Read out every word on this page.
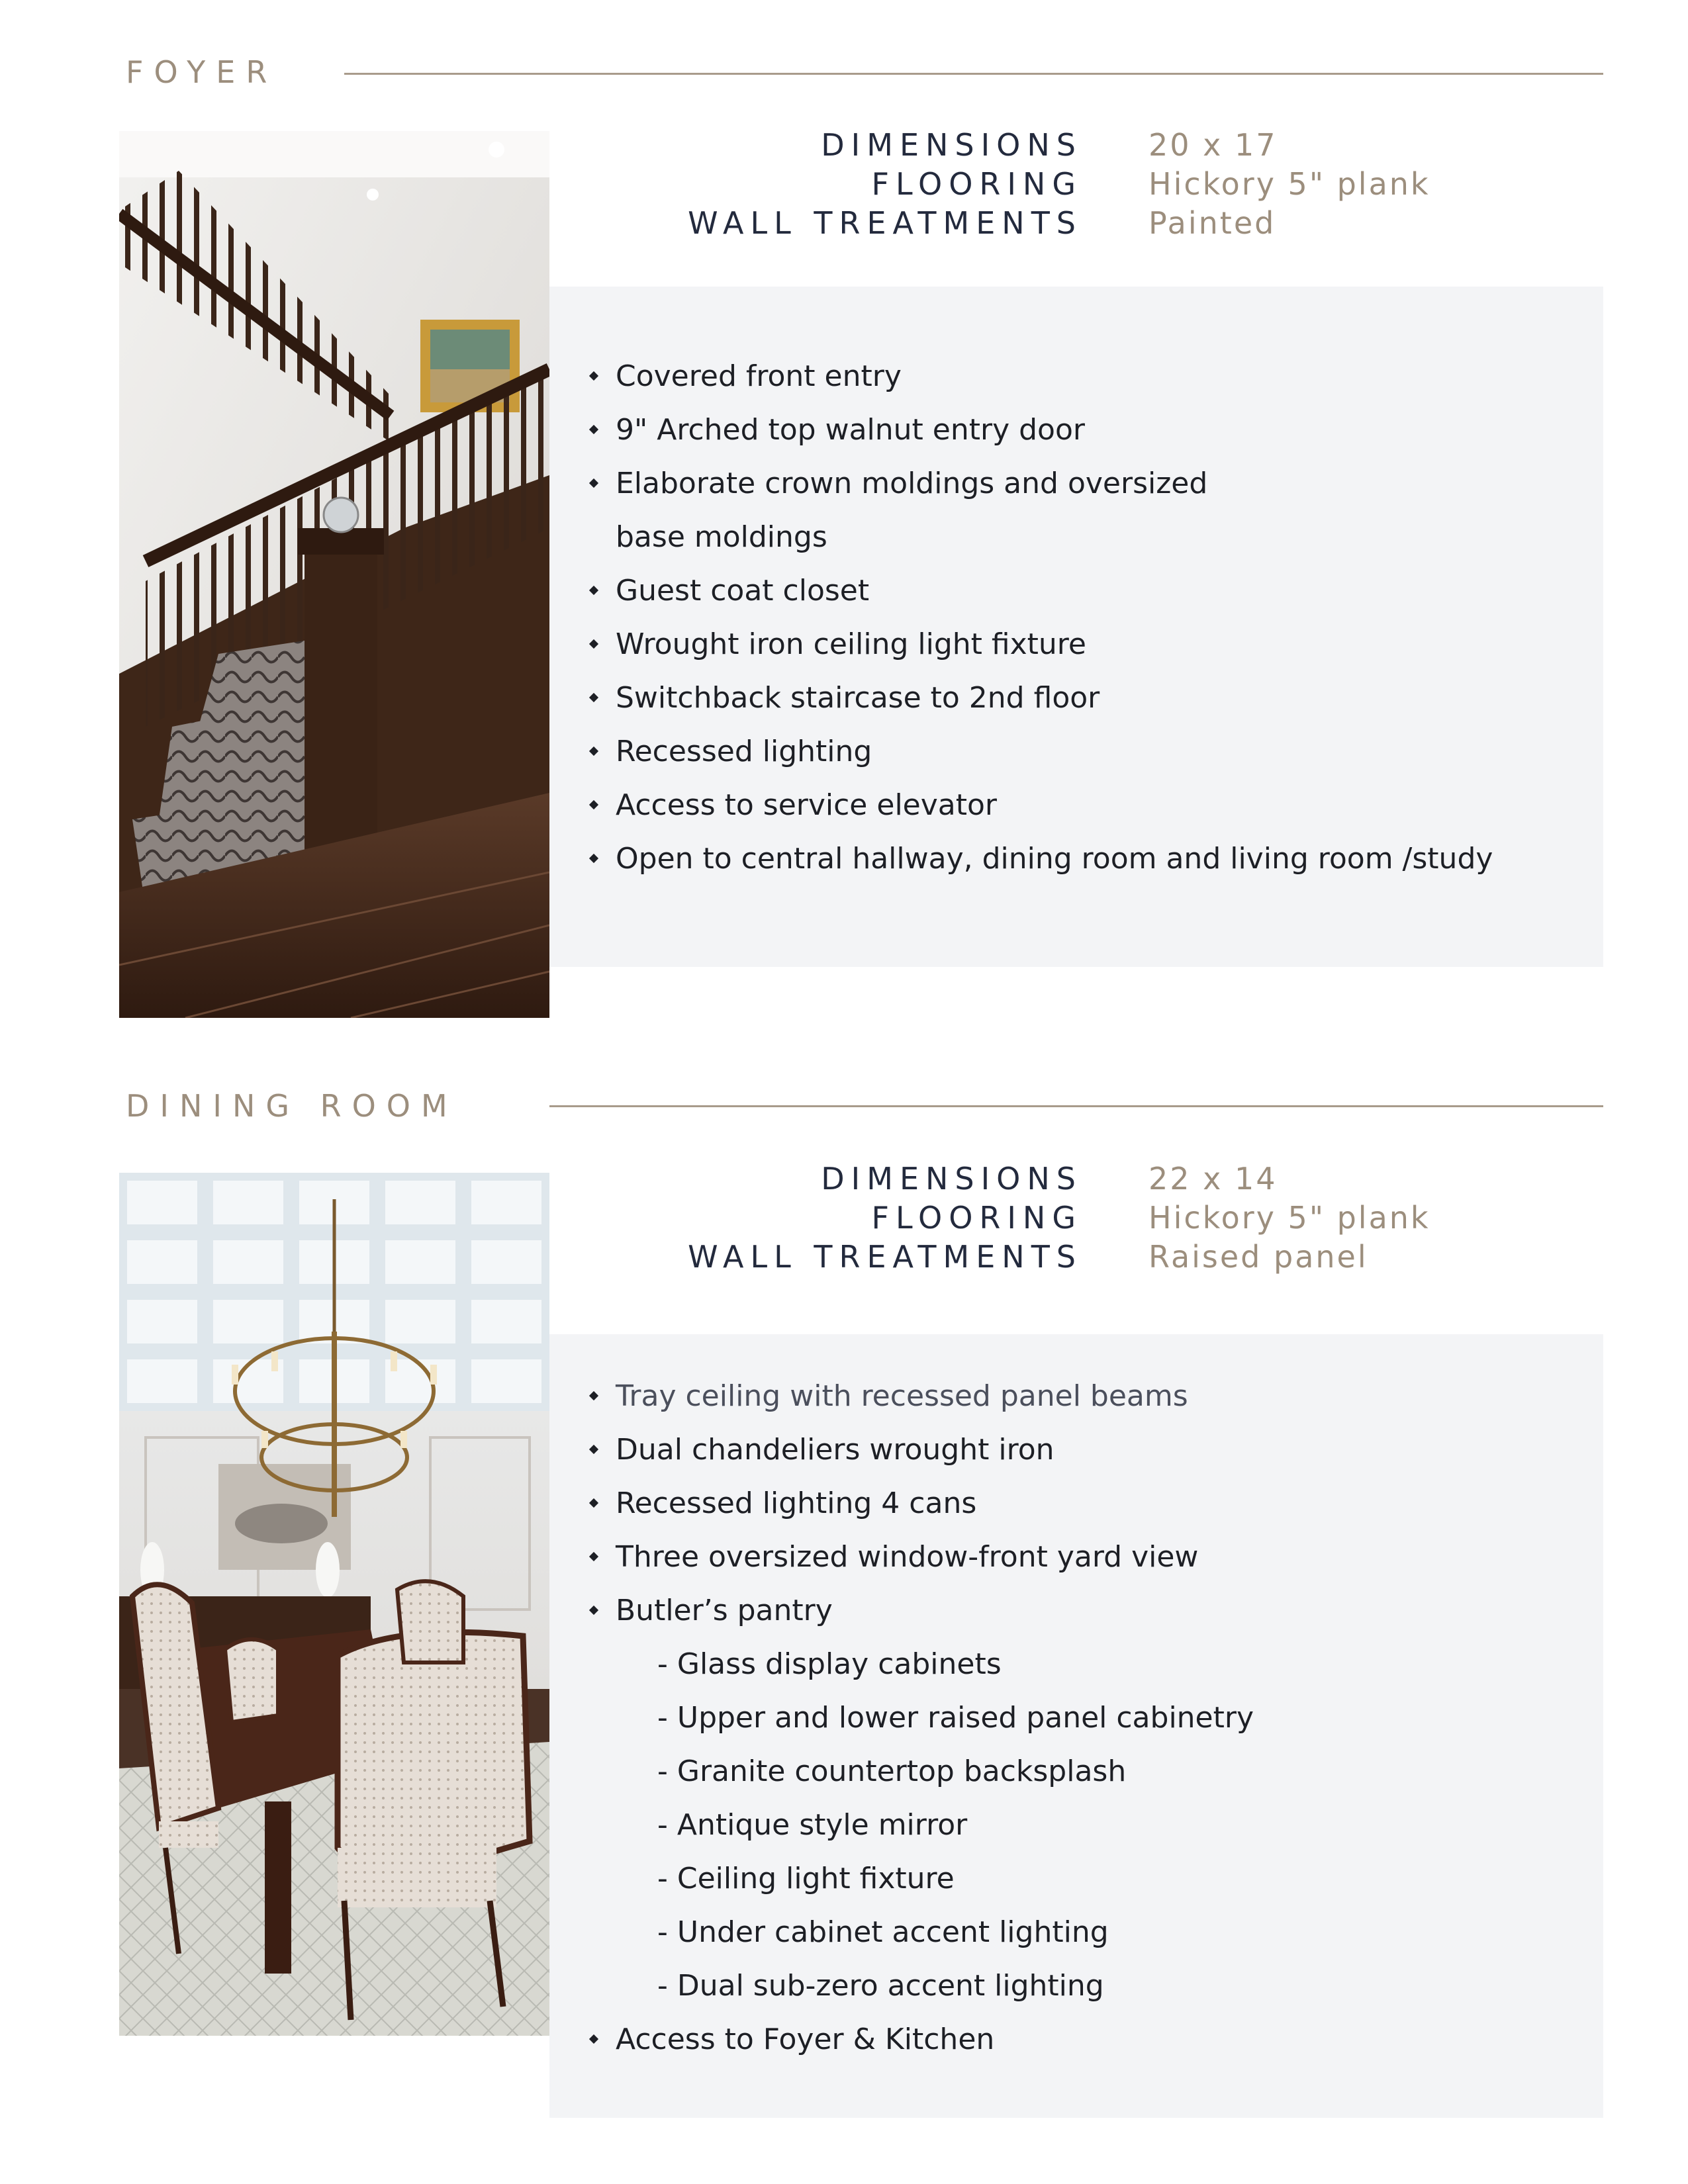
FOYER
DIMENSIONS
FLOORING
WALL TREATMENTS
20 x 17
Hickory 5" plank
Painted
Covered front entry
9" Arched top walnut entry door
Elaborate crown moldings and oversized
base moldings
Guest coat closet
Wrought iron ceiling light fixture
Switchback staircase to 2nd floor
Recessed lighting
Access to service elevator
Open to central hallway, dining room and living room /study
DINING ROOM
DIMENSIONS
FLOORING
WALL TREATMENTS
22 x 14
Hickory 5" plank
Raised panel
Tray ceiling with recessed panel beams
Dual chandeliers wrought iron
Recessed lighting 4 cans
Three oversized window-front yard view
Butler’s pantry
- Glass display cabinets
- Upper and lower raised panel cabinetry
- Granite countertop backsplash
- Antique style mirror
- Ceiling light fixture
- Under cabinet accent lighting
- Dual sub-zero accent lighting
Access to Foyer & Kitchen
